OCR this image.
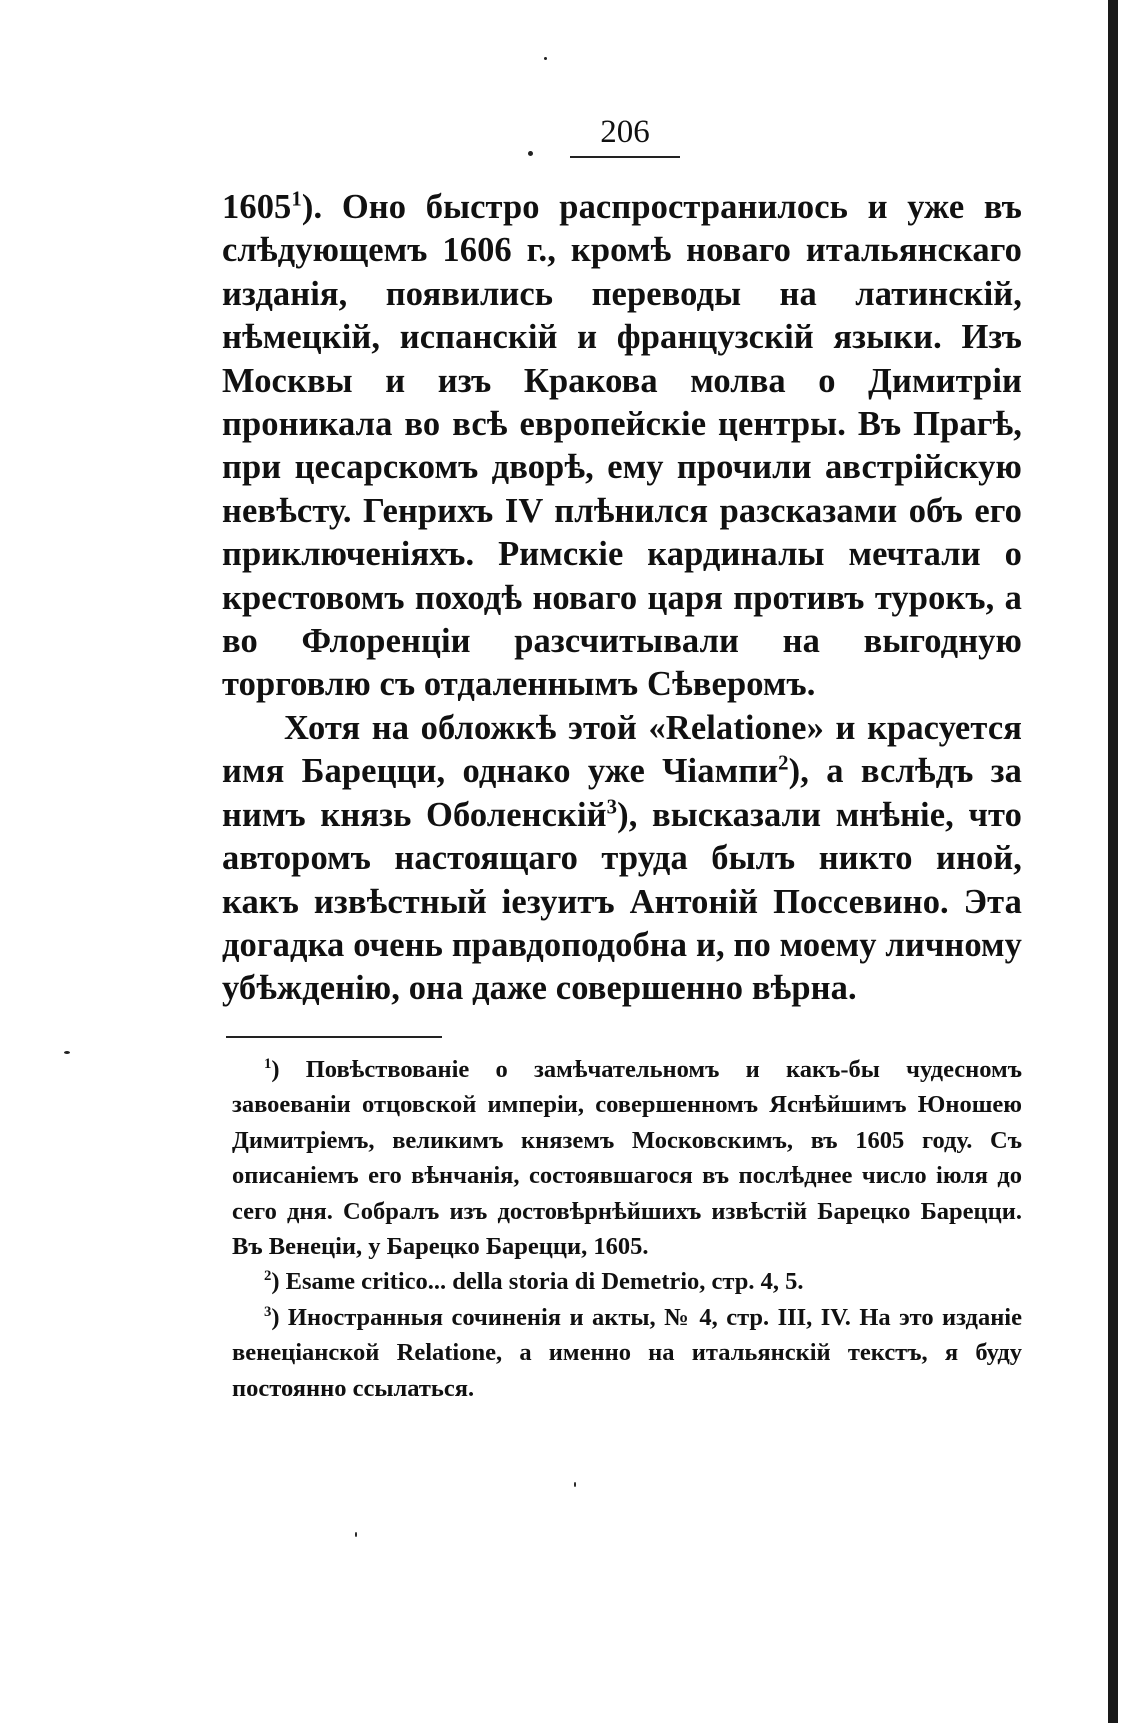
206

1605$^1$). Оно быстро распространилось и уже въ слѣдующемъ 1606 г., кромѣ новаго итальянскаго изданія, появились переводы на латинскій, нѣмецкій, испанскій и французскій языки. Изъ Москвы и изъ Кракова молва о Димитріи проникала во всѣ европейскіе центры. Въ Прагѣ, при цесарскомъ дворѣ, ему прочили австрійскую невѣсту. Генрихъ IV плѣнился разсказами объ его приключеніяхъ. Римскіе кардиналы мечтали о крестовомъ походѣ новаго царя противъ турокъ, а во Флоренціи разсчитывали на выгодную торговлю съ отдаленнымъ Сѣверомъ.

Хотя на обложкѣ этой «Relatione» и красуется имя Барецци, однако уже Чіампи$^2$), а вслѣдъ за нимъ князь Оболенскій$^3$), высказали мнѣніе, что авторомъ настоящаго труда былъ никто иной, какъ извѣстный іезуитъ Антоній Поссевино. Эта догадка очень правдоподобна и, по моему личному убѣжденію, она даже совершенно вѣрна.

$^1$) Повѣствованіе о замѣчательномъ и какъ-бы чудесномъ завоеваніи отцовской имперіи, совершенномъ Яснѣйшимъ Юношею Димитріемъ, великимъ княземъ Московскимъ, въ 1605 году. Съ описаніемъ его вѣнчанія, состоявшагося въ послѣднее число іюля до сего дня. Собралъ изъ достовѣрнѣйшихъ извѣстій Барецко Барецци. Въ Венеціи, у Барецко Барецци, 1605.

$^2$) Esame critico... della storia di Demetrio, стр. 4, 5.

$^3$) Иностранныя сочиненія и акты, № 4, стр. III, IV. На это изданіе венеціанской Relatione, а именно на итальянскій текстъ, я буду постоянно ссылаться.
